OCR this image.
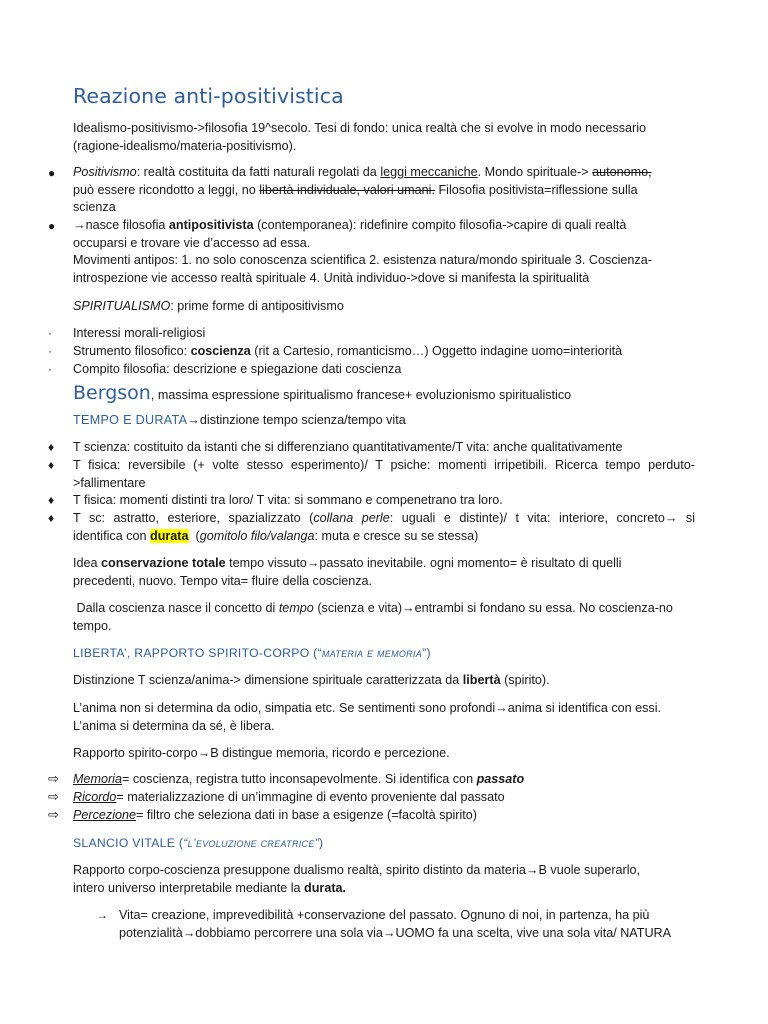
Reazione anti-positivistica
Idealismo-positivismo->filosofia 19^secolo. Tesi di fondo: unica realtà che si evolve in modo necessario
(ragione-idealismo/materia-positivismo).
● Positivismo: realtà costituita da fatti naturali regolati da leggi meccaniche. Mondo spirituale-> autonomo,
può essere ricondotto a leggi, no libertà individuale, valori umani. Filosofia positivista=riflessione sulla
scienza
● →nasce filosofia antipositivista (contemporanea): ridefinire compito filosofia->capire di quali realtà
occuparsi e trovare vie d’accesso ad essa.
Movimenti antipos: 1. no solo conoscenza scientifica 2. esistenza natura/mondo spirituale 3. Coscienza-
introspezione vie accesso realtà spirituale 4. Unità individuo->dove si manifesta la spiritualità
SPIRITUALISMO: prime forme di antipositivismo
· Interessi morali-religiosi
· Strumento filosofico: coscienza (rit a Cartesio, romanticismo…) Oggetto indagine uomo=interiorità
· Compito filosofia: descrizione e spiegazione dati coscienza
Bergson, massima espressione spiritualismo francese+ evoluzionismo spiritualistico
TEMPO E DURATA→distinzione tempo scienza/tempo vita
♦ T scienza: costituito da istanti che si differenziano quantitativamente/T vita: anche qualitativamente
♦ T fisica: reversibile (+ volte stesso esperimento)/ T psiche: momenti irripetibili. Ricerca tempo perduto-
>fallimentare
♦ T fisica: momenti distinti tra loro/ T vita: si sommano e compenetrano tra loro.
♦ T sc: astratto, esteriore, spazializzato (collana perle: uguali e distinte)/ t vita: interiore, concreto→ si
identifica con durata  (gomitolo filo/valanga: muta e cresce su se stessa)
Idea conservazione totale tempo vissuto→passato inevitabile. ogni momento= è risultato di quelli
precedenti, nuovo. Tempo vita= fluire della coscienza.
Dalla coscienza nasce il concetto di tempo (scienza e vita)→entrambi si fondano su essa. No coscienza-no
tempo.
LIBERTA’, RAPPORTO SPIRITO-CORPO (“materia e memoria”)
Distinzione T scienza/anima-> dimensione spirituale caratterizzata da libertà (spirito).
L’anima non si determina da odio, simpatia etc. Se sentimenti sono profondi→anima si identifica con essi.
L’anima si determina da sé, è libera.
Rapporto spirito-corpo→B distingue memoria, ricordo e percezione.
⇨ Memoria= coscienza, registra tutto inconsapevolmente. Si identifica con passato
⇨ Ricordo= materializzazione di un’immagine di evento proveniente dal passato
⇨ Percezione= filtro che seleziona dati in base a esigenze (=facoltà spirito)
SLANCIO VITALE (“l’evoluzione creatrice”)
Rapporto corpo-coscienza presuppone dualismo realtà, spirito distinto da materia→B vuole superarlo,
intero universo interpretabile mediante la durata.
→ Vita= creazione, imprevedibilità +conservazione del passato. Ognuno di noi, in partenza, ha più
potenzialità→dobbiamo percorrere una sola via→UOMO fa una scelta, vive una sola vita/ NATURA
